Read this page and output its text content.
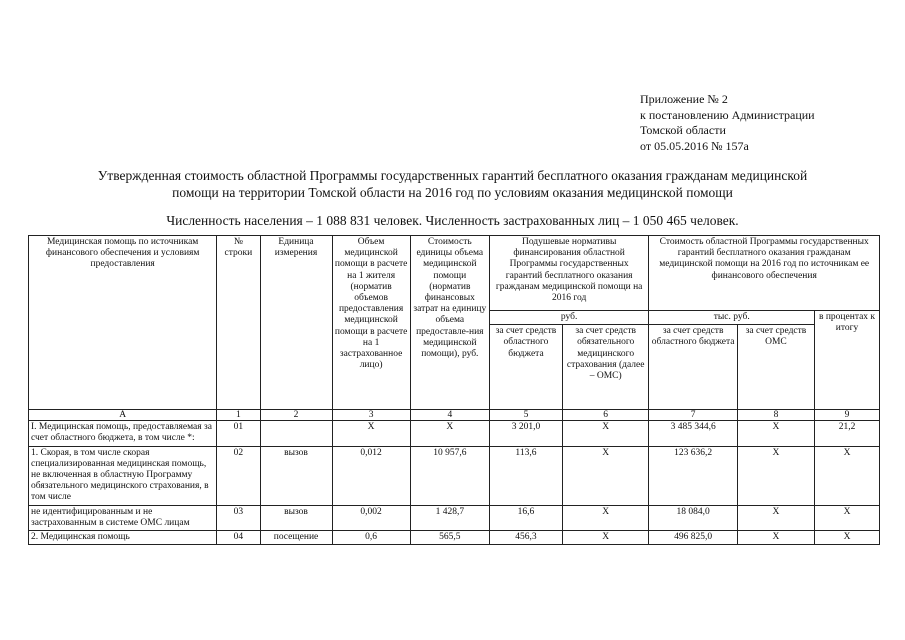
Приложение № 2
к постановлению Администрации
Томской области
от 05.05.2016 № 157а
Утвержденная стоимость областной Программы государственных гарантий бесплатного оказания гражданам медицинской
помощи на территории Томской области на 2016 год по условиям оказания медицинской помощи
Численность населения – 1 088 831 человек. Численность застрахованных лиц – 1 050 465 человек.
Медицинская помощь по источникам финансового обеспечения и условиям предоставления	№ строки	Единица измерения	Объем медицинской помощи в расчете на 1 жителя (норматив объемов предоставления медицинской помощи в расчете на 1 застрахованное лицо)	Стоимость единицы объема медицинской помощи (норматив финансовых затрат на единицу объема предоставле-ния медицинской помощи), руб.	Подушевые нормативы финансирования областной Программы государственных гарантий бесплатного оказания гражданам медицинской помощи на 2016 год		Стоимость областной Программы государственных гарантий бесплатного оказания гражданам медицинской помощи на 2016 год по источникам ее финансового обеспечения		
					руб.		тыс. руб.		в процентах к итогу
					за счет средств областного бюджета	за счет средств обязательного медицинского страхования (далее – ОМС)	за счет средств областного бюджета	за счет средств ОМС	
А	1	2	3	4	5	6	7	8	9
I. Медицинская помощь, предоставляемая за счет областного бюджета, в том числе *:	01		X	X	3 201,0	X	3 485 344,6	X	21,2
1. Скорая, в том числе скорая специализированная медицинская помощь, не включенная в областную Программу обязательного медицинского страхования, в том числе	02	вызов	0,012	10 957,6	113,6	X	123 636,2	X	X
не идентифицированным и не застрахованным в системе ОМС лицам	03	вызов	0,002	1 428,7	16,6	X	18 084,0	X	X
2. Медицинская помощь	04	посещение	0,6	565,5	456,3	X	496 825,0	X	X
